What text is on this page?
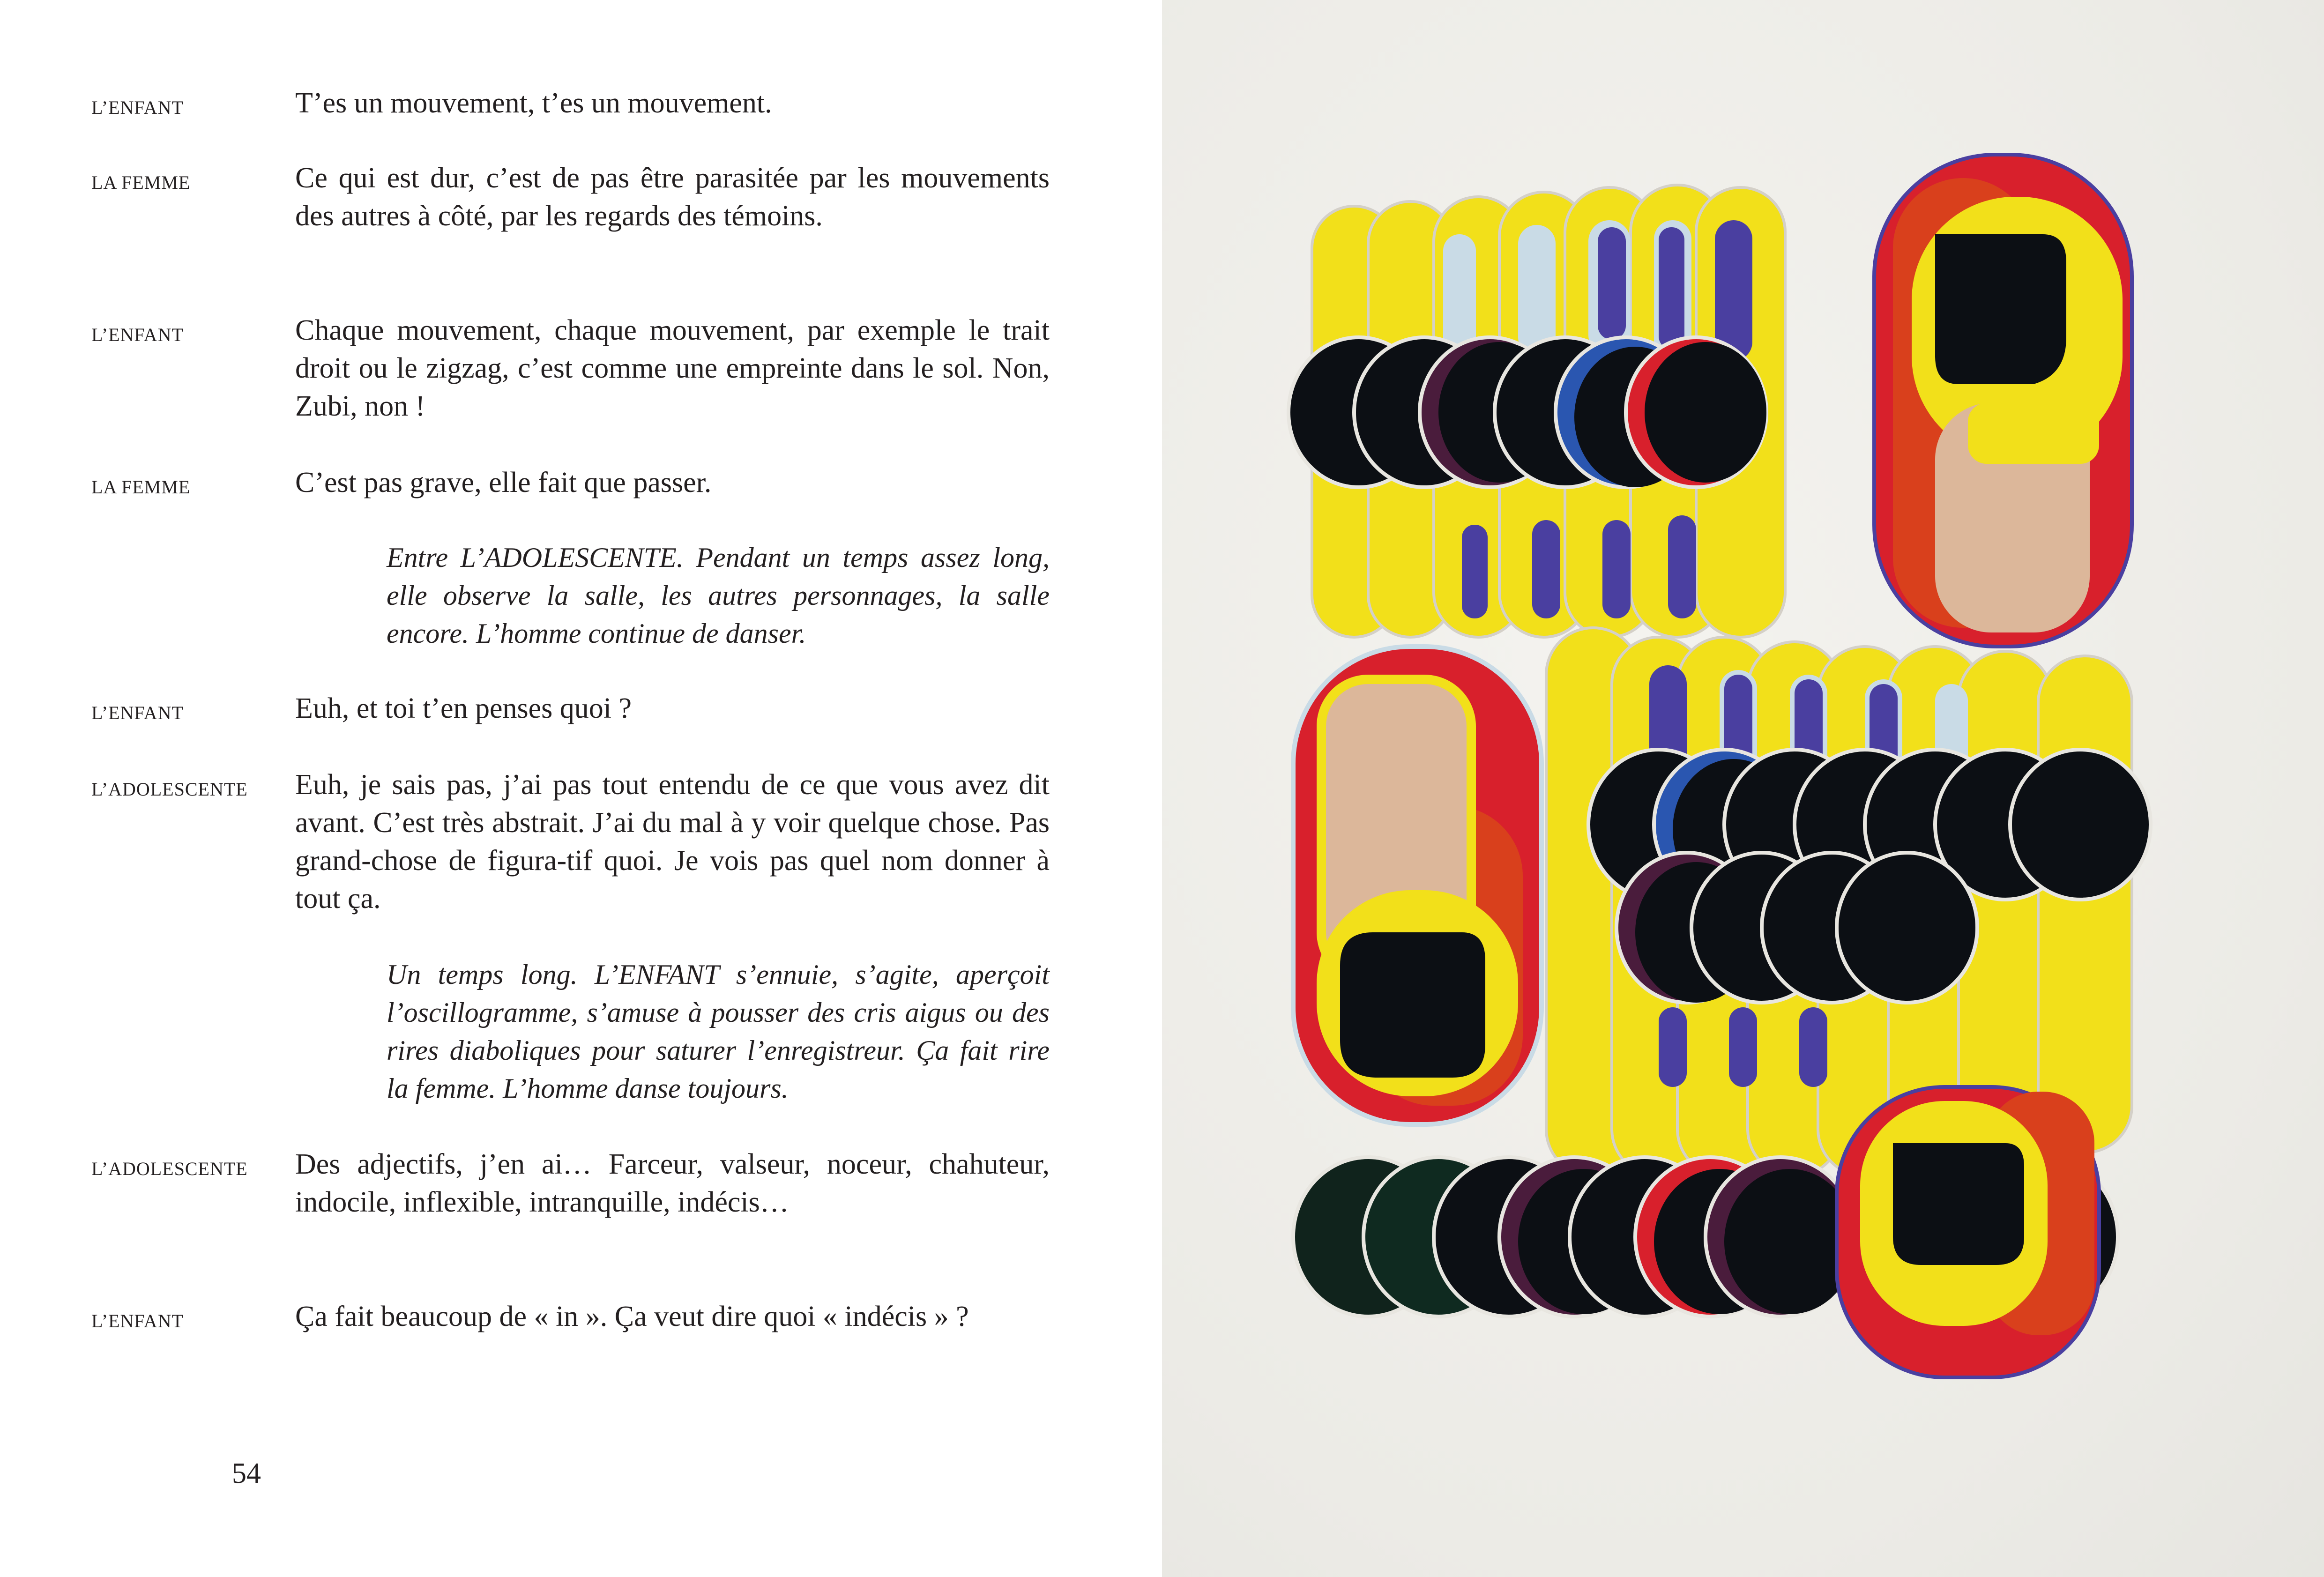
L’ENFANT	T’es un mouvement, t’es un mouvement.

LA FEMME	Ce qui est dur, c’est de pas être parasitée par les mouvements des autres à côté, par les regards des témoins.

L’ENFANT	Chaque mouvement, chaque mouvement, par exemple le trait droit ou le zigzag, c’est comme une empreinte dans le sol. Non, Zubi, non !

LA FEMME	C’est pas grave, elle fait que passer.

Entre L’ADOLESCENTE. Pendant un temps assez long, elle observe la salle, les autres personnages, la salle encore. L’homme continue de danser.

L’ENFANT	Euh, et toi t’en penses quoi ?

L’ADOLESCENTE	Euh, je sais pas, j’ai pas tout entendu de ce que vous avez dit avant. C’est très abstrait. J’ai du mal à y voir quelque chose. Pas grand-chose de figura-tif quoi. Je vois pas quel nom donner à tout ça.

Un temps long. L’ENFANT s’ennuie, s’agite, aperçoit l’oscillogramme, s’amuse à pousser des cris aigus ou des rires diaboliques pour saturer l’enregistreur. Ça fait rire la femme. L’homme danse toujours.

L’ADOLESCENTE	Des adjectifs, j’en ai… Farceur, valseur, noceur, chahuteur, indocile, inflexible, intranquille, indécis…

L’ENFANT	Ça fait beaucoup de « in ». Ça veut dire quoi « indécis » ?

54
